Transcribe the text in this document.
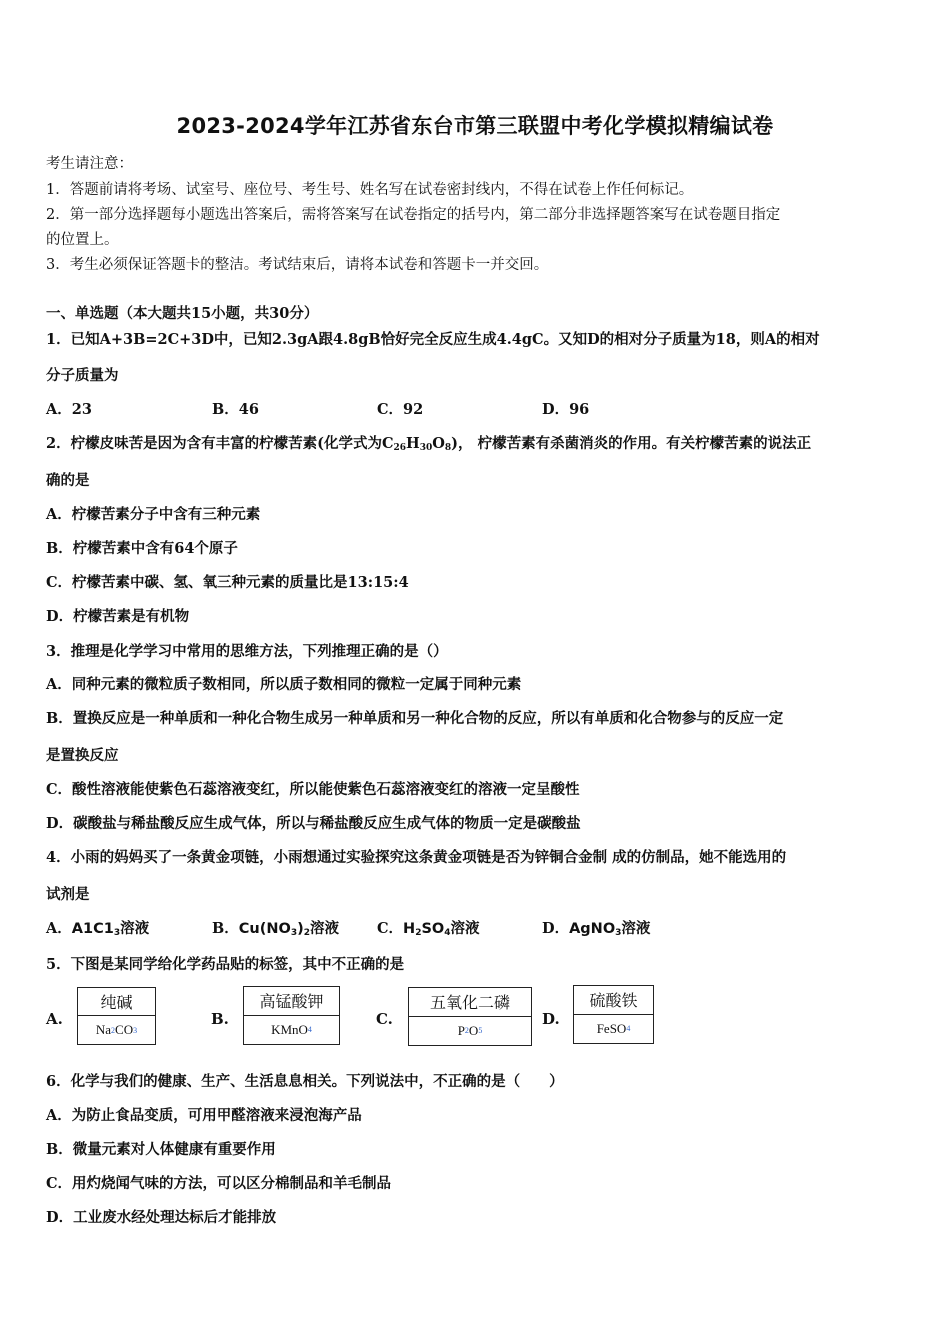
2023-2024学年江苏省东台市第三联盟中考化学模拟精编试卷
考生请注意：
1．答题前请将考场、试室号、座位号、考生号、姓名写在试卷密封线内，不得在试卷上作任何标记。
2．第一部分选择题每小题选出答案后，需将答案写在试卷指定的括号内，第二部分非选择题答案写在试卷题目指定
的位置上。
3．考生必须保证答题卡的整洁。考试结束后，请将本试卷和答题卡一并交回。
一、单选题（本大题共15小题，共30分）
1．已知A+3B=2C+3D中，已知2.3gA跟4.8gB恰好完全反应生成4.4gC。又知D的相对分子质量为18，则A的相对
分子质量为
A．23	B．46	C．92	D．96
2．柠檬皮味苦是因为含有丰富的柠檬苦素(化学式为$C_{26}H_{30}O_8$)， 柠檬苦素有杀菌消炎的作用。有关柠檬苦素的说法正
确的是
A．柠檬苦素分子中含有三种元素
B．柠檬苦素中含有64个原子
C．柠檬苦素中碳、氢、氧三种元素的质量比是13:15:4
D．柠檬苦素是有机物
3．推理是化学学习中常用的思维方法，下列推理正确的是（）
A．同种元素的微粒质子数相同，所以质子数相同的微粒一定属于同种元素
B．置换反应是一种单质和一种化合物生成另一种单质和另一种化合物的反应，所以有单质和化合物参与的反应一定
是置换反应
C．酸性溶液能使紫色石蕊溶液变红，所以能使紫色石蕊溶液变红的溶液一定呈酸性
D．碳酸盐与稀盐酸反应生成气体，所以与稀盐酸反应生成气体的物质一定是碳酸盐
4．小雨的妈妈买了一条黄金项链，小雨想通过实验探究这条黄金项链是否为锌铜合金制 成的仿制品，她不能选用的
试剂是
A．$A1C1_3$溶液	B．$Cu(NO_3)_2$溶液	C．$H_2SO_4$溶液	D．AgNO$_3$溶液
5．下图是某同学给化学药品贴的标签，其中不正确的是
A.
纯碱
Na 2 CO 3
B.
高锰酸钾
KMnO 4
C.
五氧化二磷
P 2 O 5
D.
硫酸铁
FeSO 4
6．化学与我们的健康、生产、生活息息相关。下列说法中，不正确的是（　　）
A．为防止食品变质，可用甲醛溶液来浸泡海产品
B．微量元素对人体健康有重要作用
C．用灼烧闻气味的方法，可以区分棉制品和羊毛制品
D．工业废水经处理达标后才能排放
